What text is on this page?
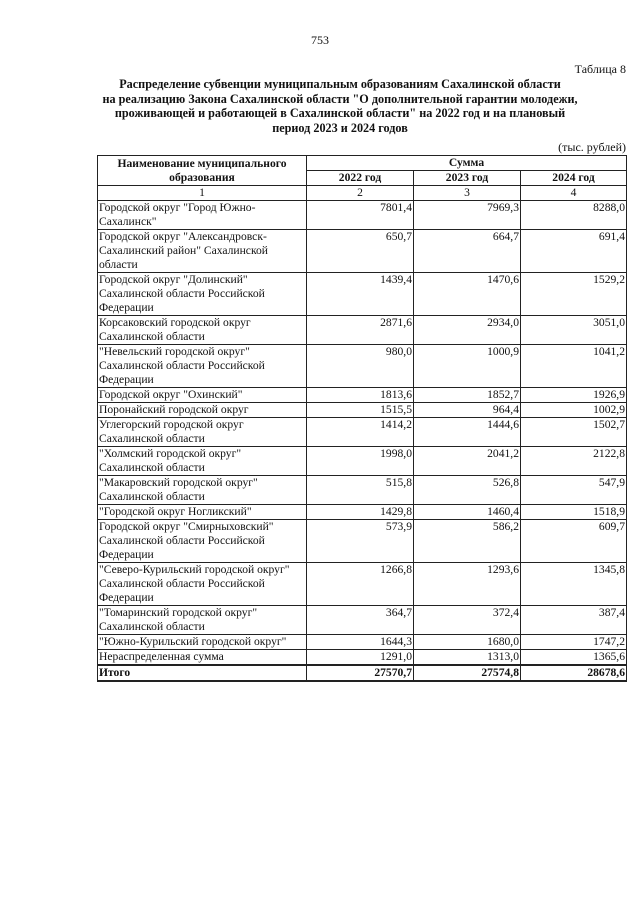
753
Таблица 8
Распределение субвенции муниципальным образованиям Сахалинской области
на реализацию Закона Сахалинской области "О дополнительной гарантии молодежи,
проживающей и работающей в Сахалинской области" на 2022 год и на плановый
период 2023 и 2024 годов
(тыс. рублей)
Наименование муниципального образования	Сумма		
	2022 год	2023 год	2024 год
1	2	3	4
Городской округ "Город Южно-Сахалинск"	7801,4	7969,3	8288,0
Городской округ "Александровск-Сахалинский район" Сахалинской области	650,7	664,7	691,4
Городской округ "Долинский" Сахалинской области Российской Федерации	1439,4	1470,6	1529,2
Корсаковский городской округ Сахалинской области	2871,6	2934,0	3051,0
"Невельский городской округ" Сахалинской области Российской Федерации	980,0	1000,9	1041,2
Городской округ "Охинский"	1813,6	1852,7	1926,9
Поронайский городской округ	1515,5	964,4	1002,9
Углегорский городской округ Сахалинской области	1414,2	1444,6	1502,7
"Холмский городской округ" Сахалинской области	1998,0	2041,2	2122,8
"Макаровский городской округ" Сахалинской области	515,8	526,8	547,9
"Городской округ Ногликский"	1429,8	1460,4	1518,9
Городской округ "Смирныховский" Сахалинской области Российской Федерации	573,9	586,2	609,7
"Северо-Курильский городской округ" Сахалинской области Российской Федерации	1266,8	1293,6	1345,8
"Томаринский городской округ" Сахалинской области	364,7	372,4	387,4
"Южно-Курильский городской округ"	1644,3	1680,0	1747,2
Нераспределенная сумма	1291,0	1313,0	1365,6
Итого	27570,7	27574,8	28678,6
